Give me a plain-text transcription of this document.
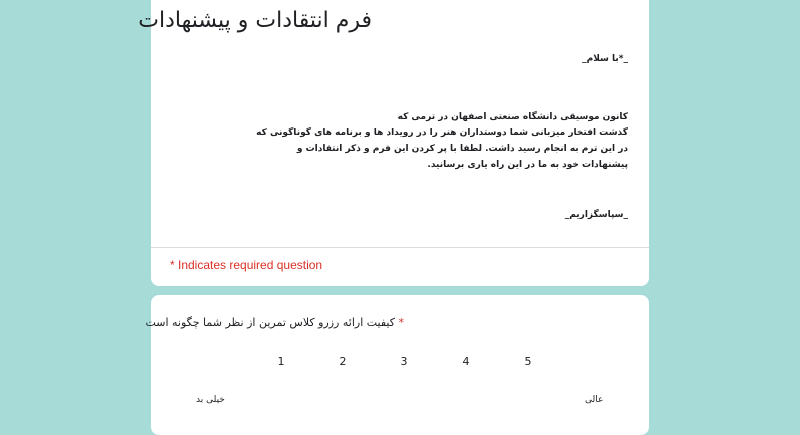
فرم انتقادات و پیشنهادات
_*با سلام_
کانون موسیقی دانشگاه صنعتی اصفهان در ترمی که
گذشت افتخار میزبانی شما دوستداران هنر را در رویداد ها و برنامه های گوناگونی که
در این ترم به انجام رسید داشت. لطفا با پر کردن این فرم و ذکر انتقادات و
پیشنهادات خود به ما در این راه یاری برسانید.
_سپاسگزاریم_
* Indicates required question
* کیفیت ارائه رزرو کلاس تمرین از نظر شما چگونه است
1	2	3	4	5
خیلی بد	عالی
